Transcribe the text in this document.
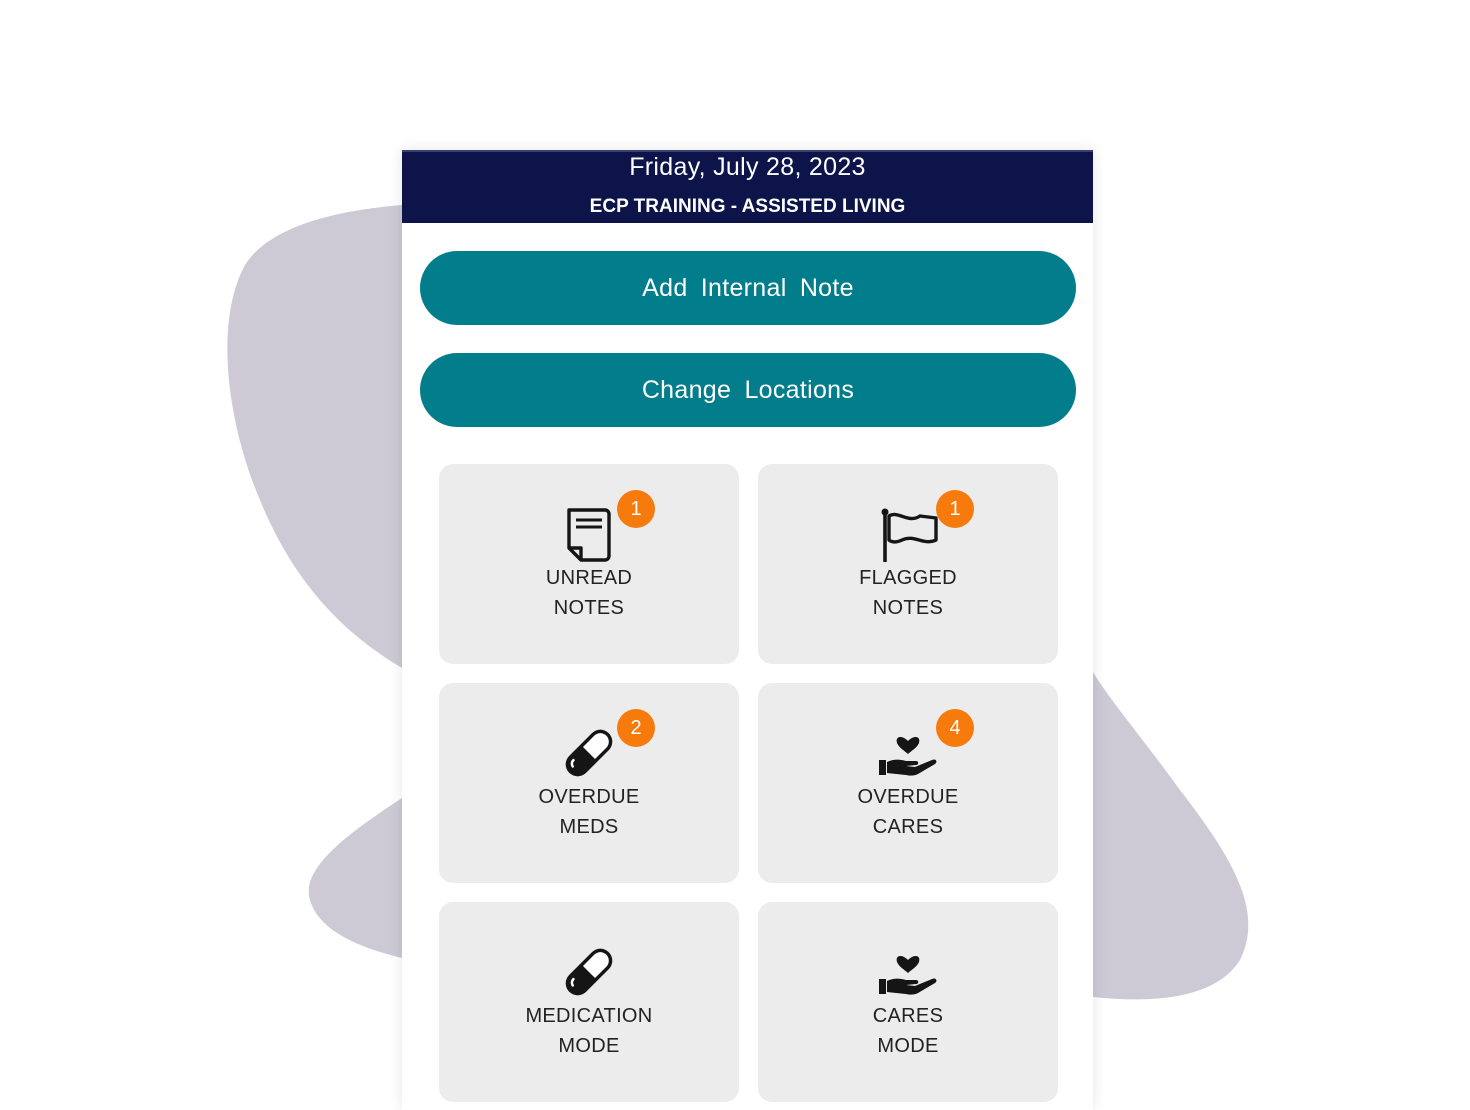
Friday, July 28, 2023
ECP TRAINING - ASSISTED LIVING
Add Internal Note
Change Locations
1
UNREAD
NOTES
1
FLAGGED
NOTES
2
OVERDUE
MEDS
4
OVERDUE
CARES
MEDICATION
MODE
CARES
MODE
